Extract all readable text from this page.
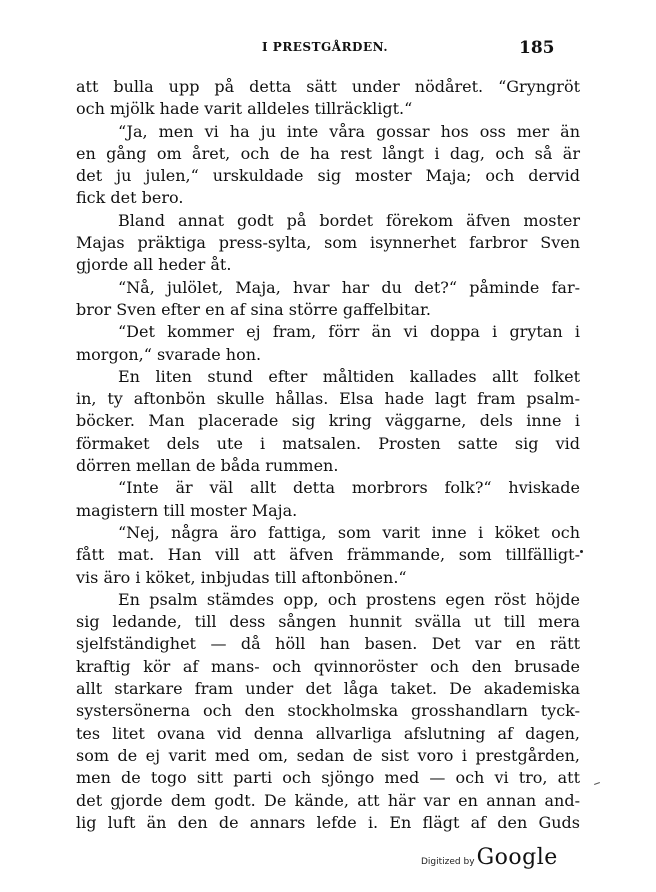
I PRESTGÅRDEN.	185
att bulla upp på detta sätt under nödåret. “Gryngröt
och mjölk hade varit alldeles tillräckligt.“
“Ja, men vi ha ju inte våra gossar hos oss mer än
en gång om året, och de ha rest långt i dag, och så är
det ju julen,“ urskuldade sig moster Maja; och dervid
fick det bero.
Bland annat godt på bordet förekom äfven moster
Majas präktiga press-sylta, som isynnerhet farbror Sven
gjorde all heder åt.
“Nå, julölet, Maja, hvar har du det?“ påminde far-
bror Sven efter en af sina större gaffelbitar.
“Det kommer ej fram, förr än vi doppa i grytan i
morgon,“ svarade hon.
En liten stund efter måltiden kallades allt folket
in, ty aftonbön skulle hållas. Elsa hade lagt fram psalm-
böcker. Man placerade sig kring väggarne, dels inne i
förmaket dels ute i matsalen. Prosten satte sig vid
dörren mellan de båda rummen.
“Inte är väl allt detta morbrors folk?“ hviskade
magistern till moster Maja.
“Nej, några äro fattiga, som varit inne i köket och
fått mat. Han vill att äfven främmande, som tillfälligt-
vis äro i köket, inbjudas till aftonbönen.“
En psalm stämdes opp, och prostens egen röst höjde
sig ledande, till dess sången hunnit svälla ut till mera
sjelfständighet — då höll han basen. Det var en rätt
kraftig kör af mans- och qvinnoröster och den brusade
allt starkare fram under det låga taket. De akademiska
systersönerna och den stockholmska grosshandlarn tyck-
tes litet ovana vid denna allvarliga afslutning af dagen,
som de ej varit med om, sedan de sist voro i prestgården,
men de togo sitt parti och sjöngo med — och vi tro, att
det gjorde dem godt. De kände, att här var en annan and-
lig luft än den de annars lefde i. En flägt af den Guds
Digitized by Google
